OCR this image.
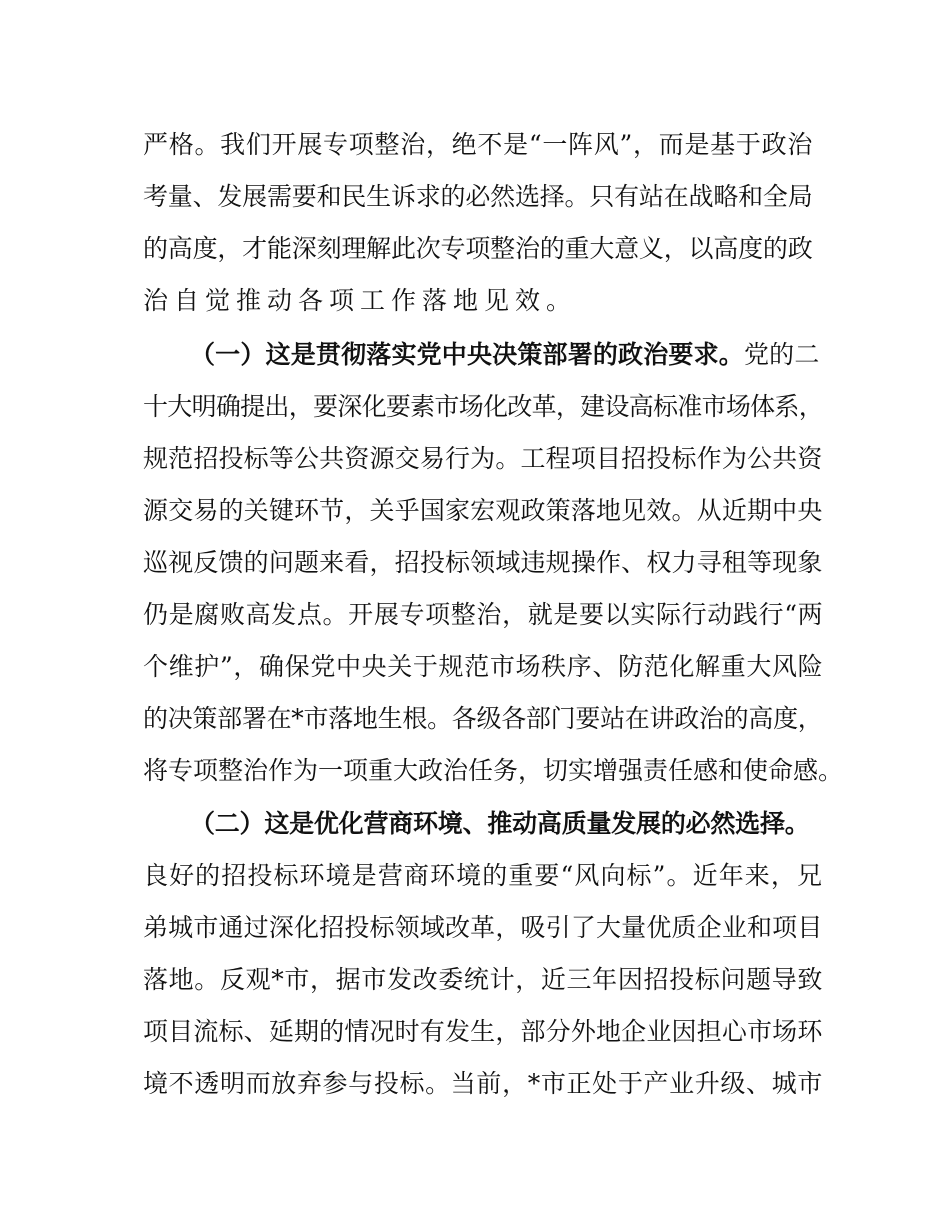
严格。我们开展专项整治，绝不是“一阵风”，而是基于政治
考量、发展需要和民生诉求的必然选择。只有站在战略和全局
的高度，才能深刻理解此次专项整治的重大意义，以高度的政
治自觉推动各项工作落地见效。
（一）这是贯彻落实党中央决策部署的政治要求。党的二
十大明确提出，要深化要素市场化改革，建设高标准市场体系，
规范招投标等公共资源交易行为。工程项目招投标作为公共资
源交易的关键环节，关乎国家宏观政策落地见效。从近期中央
巡视反馈的问题来看，招投标领域违规操作、权力寻租等现象
仍是腐败高发点。开展专项整治，就是要以实际行动践行“两
个维护”，确保党中央关于规范市场秩序、防范化解重大风险
的决策部署在*市落地生根。各级各部门要站在讲政治的高度，
将专项整治作为一项重大政治任务，切实增强责任感和使命感。
（二）这是优化营商环境、推动高质量发展的必然选择。
良好的招投标环境是营商环境的重要“风向标”。近年来，兄
弟城市通过深化招投标领域改革，吸引了大量优质企业和项目
落地。反观*市，据市发改委统计，近三年因招投标问题导致
项目流标、延期的情况时有发生，部分外地企业因担心市场环
境不透明而放弃参与投标。当前，*市正处于产业升级、城市
